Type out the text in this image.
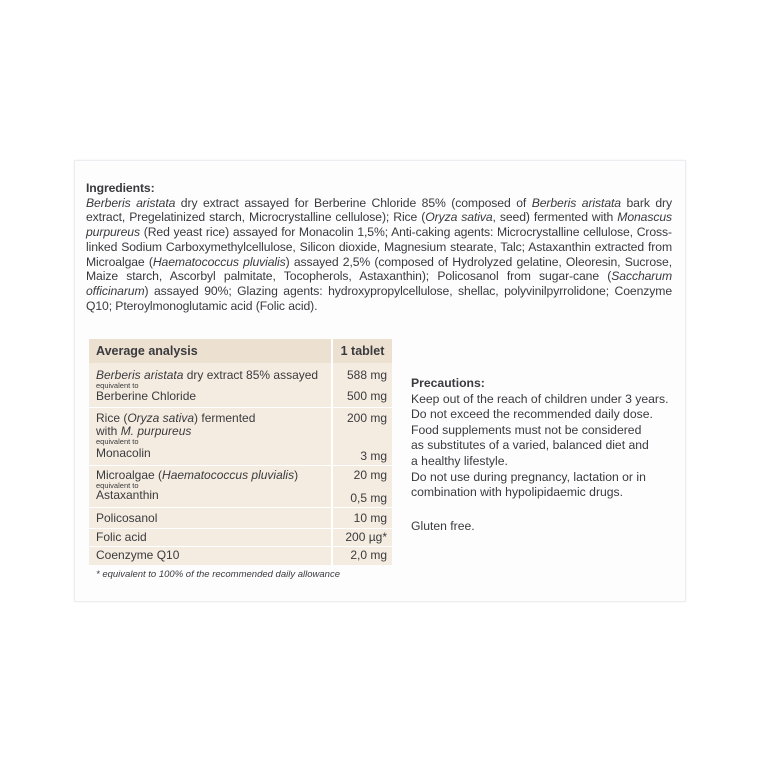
Ingredients:
Berberis aristata dry extract assayed for Berberine Chloride 85% (composed of Berberis aristata bark dry extract, Pregelatinized starch, Microcrystalline cellulose); Rice (Oryza sativa, seed) fermented with Monascus purpureus (Red yeast rice) assayed for Monacolin 1,5%; Anti-caking agents: Microcrystalline cellulose, Cross-linked Sodium Carboxymethylcellulose, Silicon dioxide, Magnesium stearate, Talc; Astaxanthin extracted from Microalgae (Haematococcus pluvialis) assayed 2,5% (composed of Hydrolyzed gelatine, Oleoresin, Sucrose, Maize starch, Ascorbyl palmitate, Tocopherols, Astaxanthin); Policosanol from sugar-cane (Saccharum officinarum) assayed 90%; Glazing agents: hydroxypropylcellulose, shellac, polyvinilpyrrolidone; Coenzyme Q10; Pteroylmonoglutamic acid (Folic acid).
Average analysis	1 tablet
Berberis aristata dry extract 85% assayed	588 mg
equivalent to
Berberine Chloride	500 mg
Rice (Oryza sativa) fermented	200 mg
with M. purpureus
equivalent to
Monacolin	3 mg
Microalgae (Haematococcus pluvialis)	20 mg
equivalent to
Astaxanthin	0,5 mg
Policosanol	10 mg
Folic acid	200 µg*
Coenzyme Q10	2,0 mg
* equivalent to 100% of the recommended daily allowance
Precautions:
Keep out of the reach of children under 3 years.
Do not exceed the recommended daily dose.
Food supplements must not be considered
as substitutes of a varied, balanced diet and
a healthy lifestyle.
Do not use during pregnancy, lactation or in
combination with hypolipidaemic drugs.
Gluten free.
